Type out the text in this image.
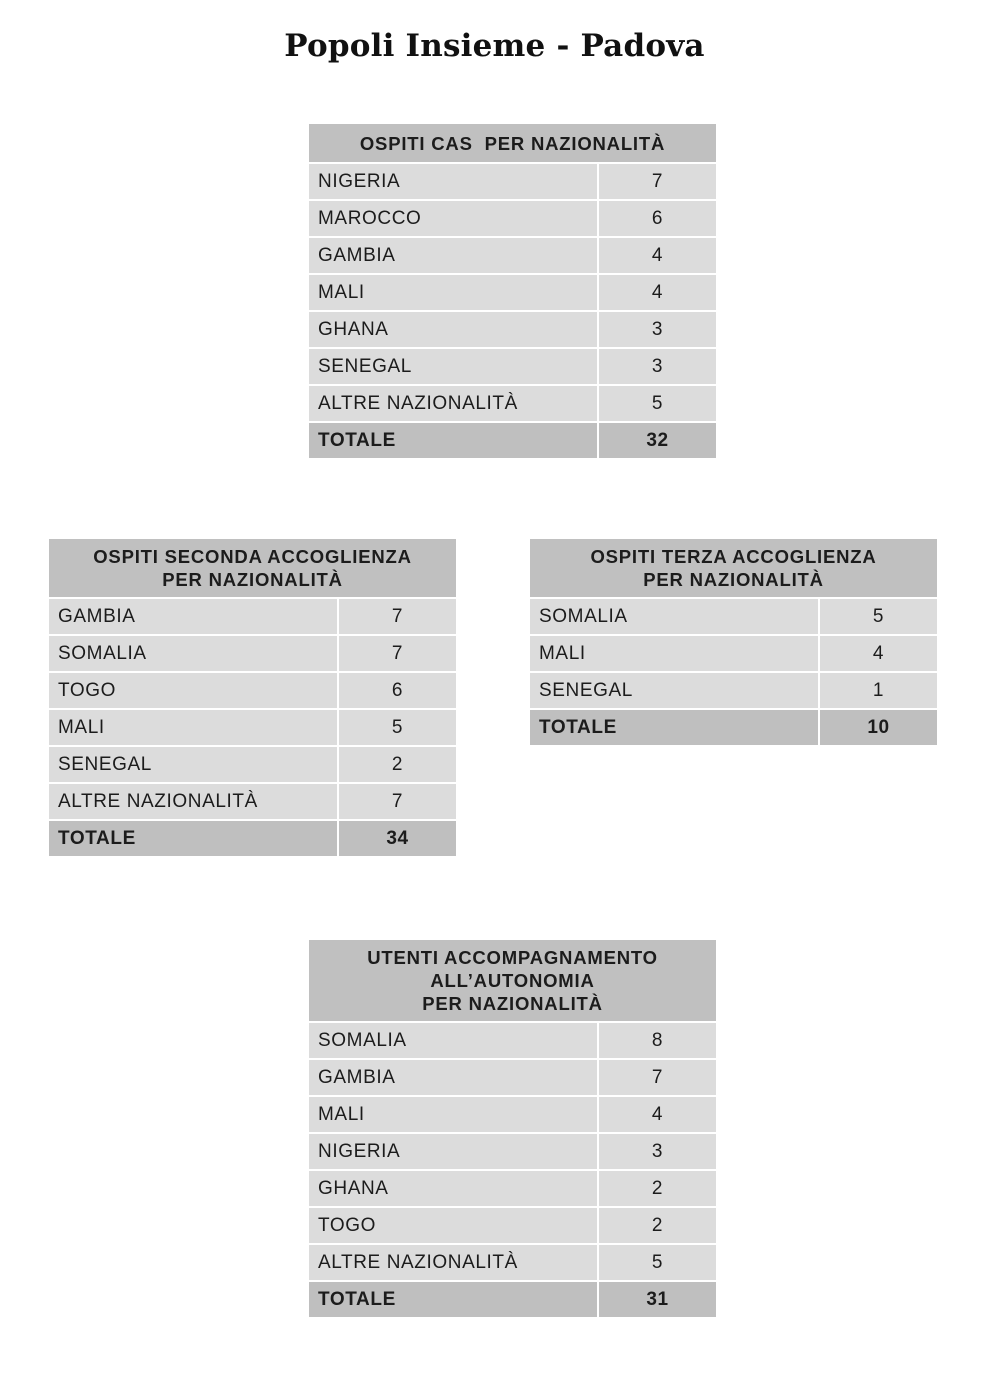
Popoli Insieme - Padova
OSPITI CAS  PER NAZIONALITÀ	

NIGERIA	7
MAROCCO	6
GAMBIA	4
MALI	4
GHANA	3
SENEGAL	3
ALTRE NAZIONALITÀ	5
TOTALE	32
OSPITI SECONDA ACCOGLIENZA
PER NAZIONALITÀ	

GAMBIA	7
SOMALIA	7
TOGO	6
MALI	5
SENEGAL	2
ALTRE NAZIONALITÀ	7
TOTALE	34
OSPITI TERZA ACCOGLIENZA
PER NAZIONALITÀ	

SOMALIA	5
MALI	4
SENEGAL	1
TOTALE	10
UTENTI ACCOMPAGNAMENTO
ALL’AUTONOMIA
PER NAZIONALITÀ	

SOMALIA	8
GAMBIA	7
MALI	4
NIGERIA	3
GHANA	2
TOGO	2
ALTRE NAZIONALITÀ	5
TOTALE	31
